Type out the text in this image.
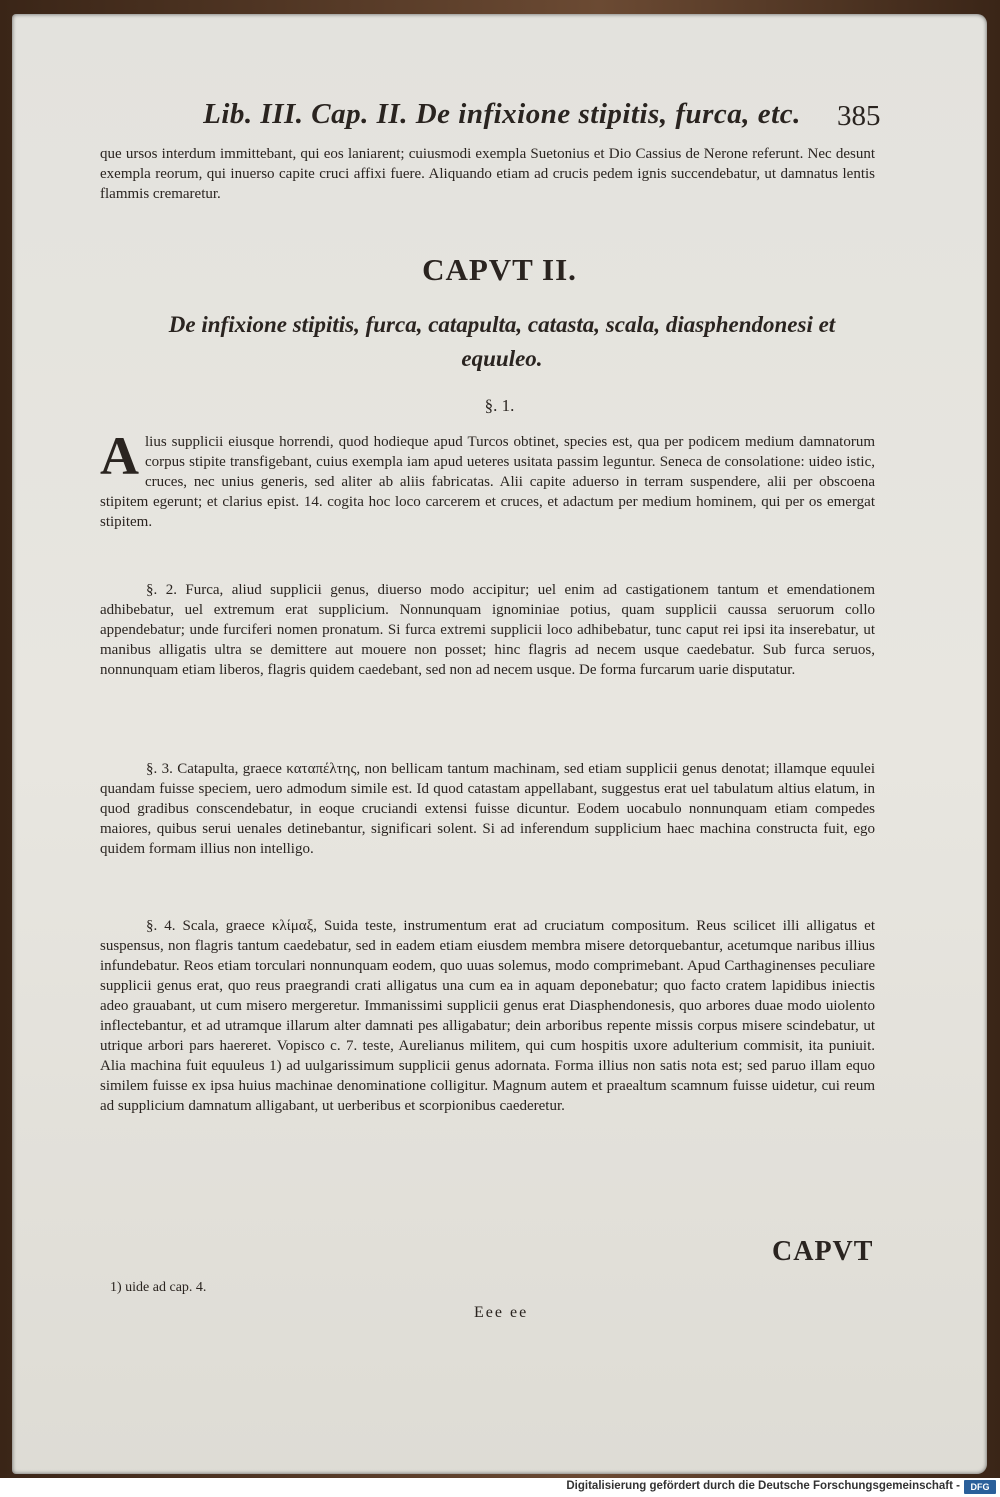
Lib. III. Cap. II. De infixione stipitis, furca, etc. 385
que ursos interdum immittebant, qui eos laniarent; cuiusmodi exempla Suetonius et Dio Cassius de Nerone referunt. Nec desunt exempla reorum, qui inuerso capite cruci affixi fuere. Aliquando etiam ad crucis pedem ignis succendebatur, ut damnatus lentis flammis cremaretur.
CAPVT II.
De infixione stipitis, furca, catapulta, catasta, scala, diasphendonesi et equuleo.
§. 1.
A lius supplicii eiusque horrendi, quod hodieque apud Turcos obtinet, species est, qua per podicem medium damnatorum corpus stipite transfigebant, cuius exempla iam apud ueteres usitata passim leguntur. Seneca de consolatione: uideo istic, cruces, nec unius generis, sed aliter ab aliis fabricatas. Alii capite aduerso in terram suspendere, alii per obscoena stipitem egerunt; et clarius epist. 14. cogita hoc loco carcerem et cruces, et adactum per medium hominem, qui per os emergat stipitem.
§. 2. Furca, aliud supplicii genus, diuerso modo accipitur; uel enim ad castigationem tantum et emendationem adhibebatur, uel extremum erat supplicium. Nonnunquam ignominiae potius, quam supplicii caussa seruorum collo appendebatur; unde furciferi nomen pronatum. Si furca extremi supplicii loco adhibebatur, tunc caput rei ipsi ita inserebatur, ut manibus alligatis ultra se demittere aut mouere non posset; hinc flagris ad necem usque caedebatur. Sub furca seruos, nonnunquam etiam liberos, flagris quidem caedebant, sed non ad necem usque. De forma furcarum uarie disputatur.
§. 3. Catapulta, graece καταπέλτης, non bellicam tantum machinam, sed etiam supplicii genus denotat; illamque equulei quandam fuisse speciem, uero admodum simile est. Id quod catastam appellabant, suggestus erat uel tabulatum altius elatum, in quod gradibus conscendebatur, in eoque cruciandi extensi fuisse dicuntur. Eodem uocabulo nonnunquam etiam compedes maiores, quibus serui uenales detinebantur, significari solent. Si ad inferendum supplicium haec machina constructa fuit, ego quidem formam illius non intelligo.
§. 4. Scala, graece κλίμαξ, Suida teste, instrumentum erat ad cruciatum compositum. Reus scilicet illi alligatus et suspensus, non flagris tantum caedebatur, sed in eadem etiam eiusdem membra misere detorquebantur, acetumque naribus illius infundebatur. Reos etiam torculari nonnunquam eodem, quo uuas solemus, modo comprimebant. Apud Carthaginenses peculiare supplicii genus erat, quo reus praegrandi crati alligatus una cum ea in aquam deponebatur; quo facto cratem lapidibus iniectis adeo grauabant, ut cum misero mergeretur. Immanissimi supplicii genus erat Diasphendonesis, quo arbores duae modo uiolento inflectebantur, et ad utramque illarum alter damnati pes alligabatur; dein arboribus repente missis corpus misere scindebatur, ut utrique arbori pars haereret. Vopisco c. 7. teste, Aurelianus militem, qui cum hospitis uxore adulterium commisit, ita puniuit. Alia machina fuit equuleus 1) ad uulgarissimum supplicii genus adornata. Forma illius non satis nota est; sed paruo illam equo similem fuisse ex ipsa huius machinae denominatione colligitur. Magnum autem et praealtum scamnum fuisse uidetur, cui reum ad supplicium damnatum alligabant, ut uerberibus et scorpionibus caederetur.
CAPVT
1) uide ad cap. 4.
Eee ee
Digitalisierung gefördert durch die Deutsche Forschungsgemeinschaft -	DFG
